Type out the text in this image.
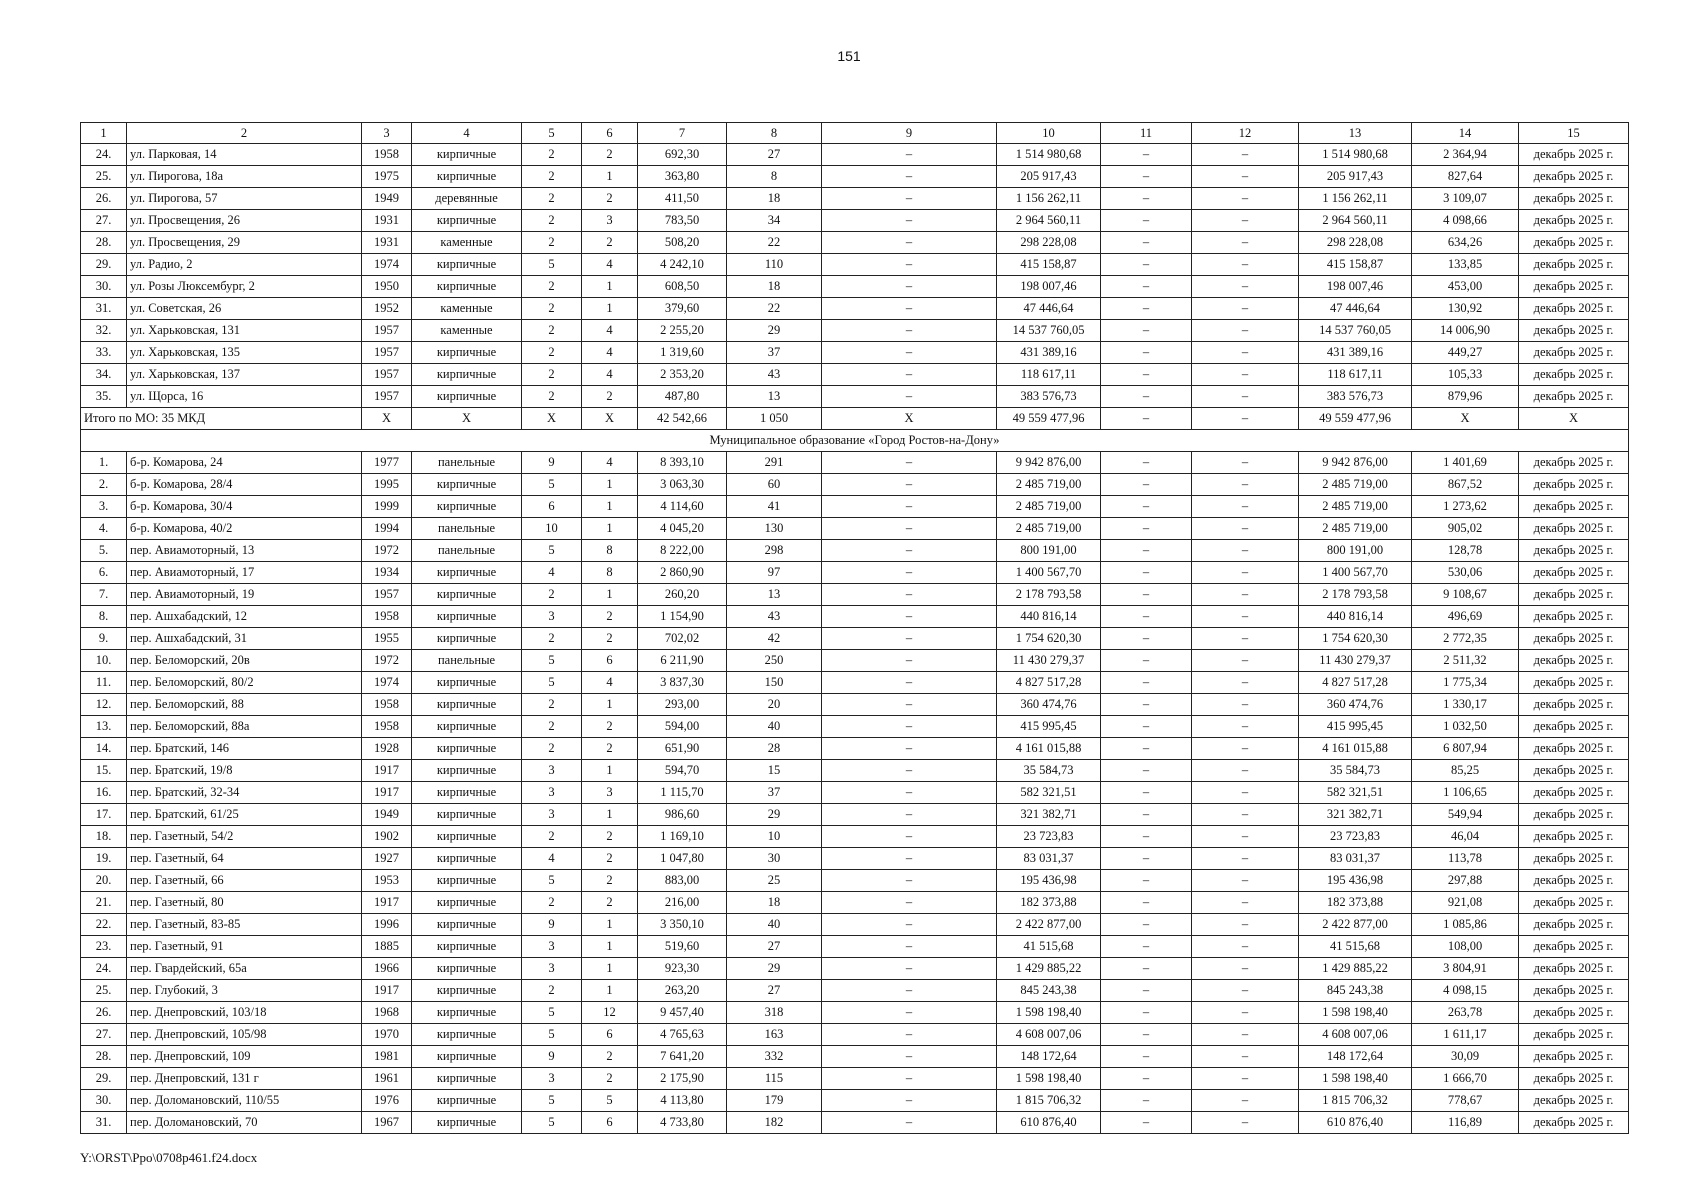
151
1	2	3	4	5	6	7	8	9	10	11	12	13	14	15
24.	ул. Парковая, 14	1958	кирпичные	2	2	692,30	27	–	1 514 980,68	–	–	1 514 980,68	2 364,94	декабрь 2025 г.
25.	ул. Пирогова, 18а	1975	кирпичные	2	1	363,80	8	–	205 917,43	–	–	205 917,43	827,64	декабрь 2025 г.
26.	ул. Пирогова, 57	1949	деревянные	2	2	411,50	18	–	1 156 262,11	–	–	1 156 262,11	3 109,07	декабрь 2025 г.
27.	ул. Просвещения, 26	1931	кирпичные	2	3	783,50	34	–	2 964 560,11	–	–	2 964 560,11	4 098,66	декабрь 2025 г.
28.	ул. Просвещения, 29	1931	каменные	2	2	508,20	22	–	298 228,08	–	–	298 228,08	634,26	декабрь 2025 г.
29.	ул. Радио, 2	1974	кирпичные	5	4	4 242,10	110	–	415 158,87	–	–	415 158,87	133,85	декабрь 2025 г.
30.	ул. Розы Люксембург, 2	1950	кирпичные	2	1	608,50	18	–	198 007,46	–	–	198 007,46	453,00	декабрь 2025 г.
31.	ул. Советская, 26	1952	каменные	2	1	379,60	22	–	47 446,64	–	–	47 446,64	130,92	декабрь 2025 г.
32.	ул. Харьковская, 131	1957	каменные	2	4	2 255,20	29	–	14 537 760,05	–	–	14 537 760,05	14 006,90	декабрь 2025 г.
33.	ул. Харьковская, 135	1957	кирпичные	2	4	1 319,60	37	–	431 389,16	–	–	431 389,16	449,27	декабрь 2025 г.
34.	ул. Харьковская, 137	1957	кирпичные	2	4	2 353,20	43	–	118 617,11	–	–	118 617,11	105,33	декабрь 2025 г.
35.	ул. Щорса, 16	1957	кирпичные	2	2	487,80	13	–	383 576,73	–	–	383 576,73	879,96	декабрь 2025 г.
Итого по МО: 35 МКД		Х	Х	Х	Х	42 542,66	1 050	Х	49 559 477,96	–	–	49 559 477,96	Х	Х
Муниципальное образование «Город Ростов-на-Дону»														
1.	б-р. Комарова, 24	1977	панельные	9	4	8 393,10	291	–	9 942 876,00	–	–	9 942 876,00	1 401,69	декабрь 2025 г.
2.	б-р. Комарова, 28/4	1995	кирпичные	5	1	3 063,30	60	–	2 485 719,00	–	–	2 485 719,00	867,52	декабрь 2025 г.
3.	б-р. Комарова, 30/4	1999	кирпичные	6	1	4 114,60	41	–	2 485 719,00	–	–	2 485 719,00	1 273,62	декабрь 2025 г.
4.	б-р. Комарова, 40/2	1994	панельные	10	1	4 045,20	130	–	2 485 719,00	–	–	2 485 719,00	905,02	декабрь 2025 г.
5.	пер. Авиамоторный, 13	1972	панельные	5	8	8 222,00	298	–	800 191,00	–	–	800 191,00	128,78	декабрь 2025 г.
6.	пер. Авиамоторный, 17	1934	кирпичные	4	8	2 860,90	97	–	1 400 567,70	–	–	1 400 567,70	530,06	декабрь 2025 г.
7.	пер. Авиамоторный, 19	1957	кирпичные	2	1	260,20	13	–	2 178 793,58	–	–	2 178 793,58	9 108,67	декабрь 2025 г.
8.	пер. Ашхабадский, 12	1958	кирпичные	3	2	1 154,90	43	–	440 816,14	–	–	440 816,14	496,69	декабрь 2025 г.
9.	пер. Ашхабадский, 31	1955	кирпичные	2	2	702,02	42	–	1 754 620,30	–	–	1 754 620,30	2 772,35	декабрь 2025 г.
10.	пер. Беломорский, 20в	1972	панельные	5	6	6 211,90	250	–	11 430 279,37	–	–	11 430 279,37	2 511,32	декабрь 2025 г.
11.	пер. Беломорский, 80/2	1974	кирпичные	5	4	3 837,30	150	–	4 827 517,28	–	–	4 827 517,28	1 775,34	декабрь 2025 г.
12.	пер. Беломорский, 88	1958	кирпичные	2	1	293,00	20	–	360 474,76	–	–	360 474,76	1 330,17	декабрь 2025 г.
13.	пер. Беломорский, 88а	1958	кирпичные	2	2	594,00	40	–	415 995,45	–	–	415 995,45	1 032,50	декабрь 2025 г.
14.	пер. Братский, 146	1928	кирпичные	2	2	651,90	28	–	4 161 015,88	–	–	4 161 015,88	6 807,94	декабрь 2025 г.
15.	пер. Братский, 19/8	1917	кирпичные	3	1	594,70	15	–	35 584,73	–	–	35 584,73	85,25	декабрь 2025 г.
16.	пер. Братский, 32-34	1917	кирпичные	3	3	1 115,70	37	–	582 321,51	–	–	582 321,51	1 106,65	декабрь 2025 г.
17.	пер. Братский, 61/25	1949	кирпичные	3	1	986,60	29	–	321 382,71	–	–	321 382,71	549,94	декабрь 2025 г.
18.	пер. Газетный, 54/2	1902	кирпичные	2	2	1 169,10	10	–	23 723,83	–	–	23 723,83	46,04	декабрь 2025 г.
19.	пер. Газетный, 64	1927	кирпичные	4	2	1 047,80	30	–	83 031,37	–	–	83 031,37	113,78	декабрь 2025 г.
20.	пер. Газетный, 66	1953	кирпичные	5	2	883,00	25	–	195 436,98	–	–	195 436,98	297,88	декабрь 2025 г.
21.	пер. Газетный, 80	1917	кирпичные	2	2	216,00	18	–	182 373,88	–	–	182 373,88	921,08	декабрь 2025 г.
22.	пер. Газетный, 83-85	1996	кирпичные	9	1	3 350,10	40	–	2 422 877,00	–	–	2 422 877,00	1 085,86	декабрь 2025 г.
23.	пер. Газетный, 91	1885	кирпичные	3	1	519,60	27	–	41 515,68	–	–	41 515,68	108,00	декабрь 2025 г.
24.	пер. Гвардейский, 65а	1966	кирпичные	3	1	923,30	29	–	1 429 885,22	–	–	1 429 885,22	3 804,91	декабрь 2025 г.
25.	пер. Глубокий, 3	1917	кирпичные	2	1	263,20	27	–	845 243,38	–	–	845 243,38	4 098,15	декабрь 2025 г.
26.	пер. Днепровский, 103/18	1968	кирпичные	5	12	9 457,40	318	–	1 598 198,40	–	–	1 598 198,40	263,78	декабрь 2025 г.
27.	пер. Днепровский, 105/98	1970	кирпичные	5	6	4 765,63	163	–	4 608 007,06	–	–	4 608 007,06	1 611,17	декабрь 2025 г.
28.	пер. Днепровский, 109	1981	кирпичные	9	2	7 641,20	332	–	148 172,64	–	–	148 172,64	30,09	декабрь 2025 г.
29.	пер. Днепровский, 131 г	1961	кирпичные	3	2	2 175,90	115	–	1 598 198,40	–	–	1 598 198,40	1 666,70	декабрь 2025 г.
30.	пер. Доломановский, 110/55	1976	кирпичные	5	5	4 113,80	179	–	1 815 706,32	–	–	1 815 706,32	778,67	декабрь 2025 г.
31.	пер. Доломановский, 70	1967	кирпичные	5	6	4 733,80	182	–	610 876,40	–	–	610 876,40	116,89	декабрь 2025 г.
Y:\ORST\Ppo\0708p461.f24.docx
